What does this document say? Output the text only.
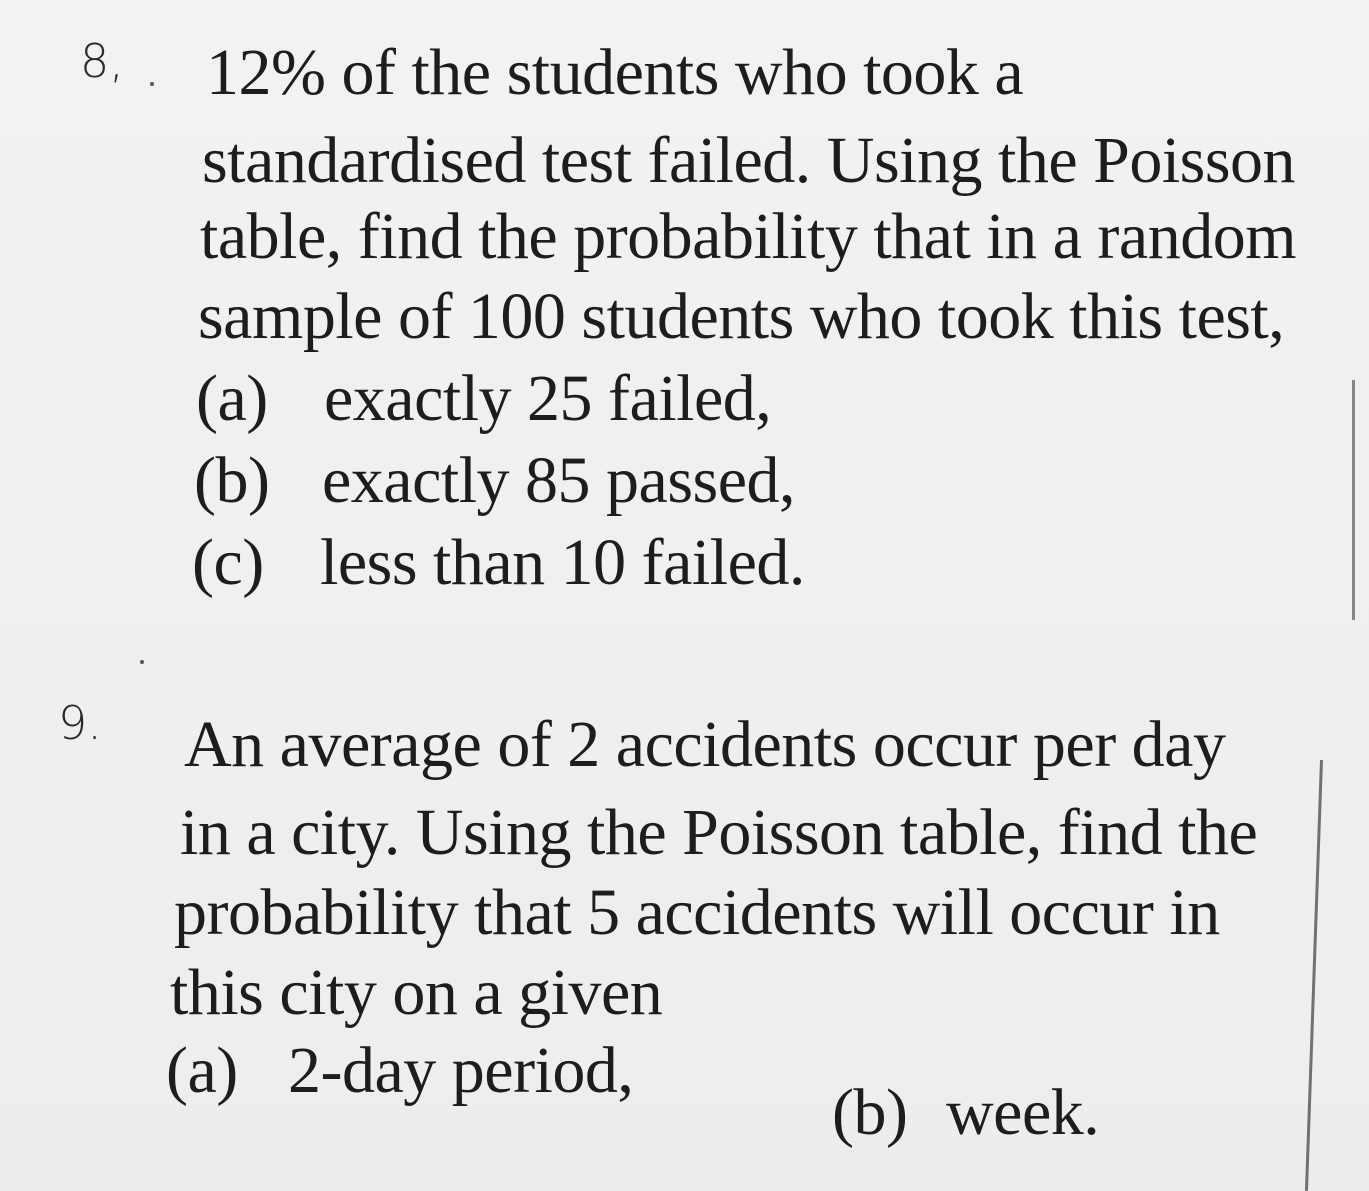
8, 12% of the students who took a
standardised test failed. Using the Poisson
table, find the probability that in a random
sample of 100 students who took this test,
(a) exactly 25 failed,
(b) exactly 85 passed,
(c) less than 10 failed.
9. An average of 2 accidents occur per day
in a city. Using the Poisson table, find the
probability that 5 accidents will occur in
this city on a given
(a) 2-day period,
(b) week.
